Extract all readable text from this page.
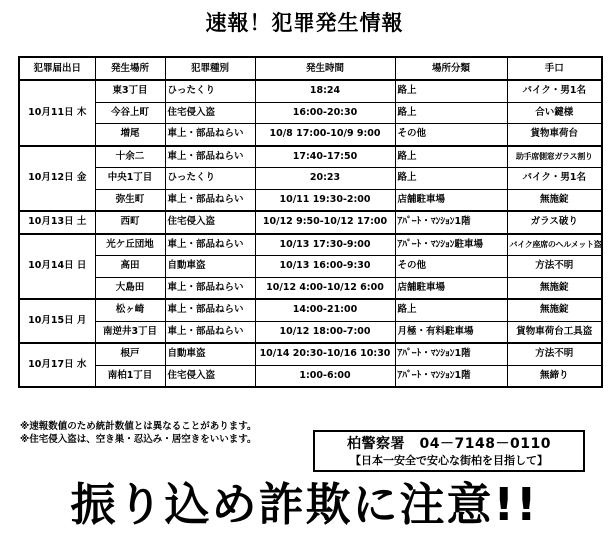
速報！犯罪発生情報
犯罪届出日	発生場所	犯罪種別	発生時間	場所分類	手口
10月11日 木	東3丁目	ひったくり	18:24	路上	バイク・男1名
	今谷上町	住宅侵入盗	16:00-20:30	路上	合い鍵様
	増尾	車上・部品ねらい	10/8 17:00-10/9 9:00	その他	貨物車荷台
10月12日 金	十余二	車上・部品ねらい	17:40-17:50	路上	助手席側窓ガラス割り
	中央1丁目	ひったくり	20:23	路上	バイク・男1名
	弥生町	車上・部品ねらい	10/11 19:30-2:00	店舗駐車場	無施錠
10月13日 土	西町	住宅侵入盗	10/12 9:50-10/12 17:00	ｱﾊﾟｰﾄ・ﾏﾝｼｮﾝ1階	ガラス破り
10月14日 日	光ケ丘団地	車上・部品ねらい	10/13 17:30-9:00	ｱﾊﾟｰﾄ・ﾏﾝｼｮﾝ駐車場	バイク座席のヘルメット盗
	高田	自動車盗	10/13 16:00-9:30	その他	方法不明
	大島田	車上・部品ねらい	10/12 4:00-10/12 6:00	店舗駐車場	無施錠
10月15日 月	松ヶ崎	車上・部品ねらい	14:00-21:00	路上	無施錠
	南逆井3丁目	車上・部品ねらい	10/12 18:00-7:00	月極・有料駐車場	貨物車荷台工具盗
10月17日 水	根戸	自動車盗	10/14 20:30-10/16 10:30	ｱﾊﾟｰﾄ・ﾏﾝｼｮﾝ1階	方法不明
	南柏1丁目	住宅侵入盗	1:00-6:00	ｱﾊﾟｰﾄ・ﾏﾝｼｮﾝ1階	無締り
※速報数値のため統計数値とは異なることがあります。
※住宅侵入盗は、空き巣・忍込み・居空きをいいます。	柏警察署　04－7148－0110
【日本一安全で安心な街柏を目指して】
振り込め詐欺に注意!!
